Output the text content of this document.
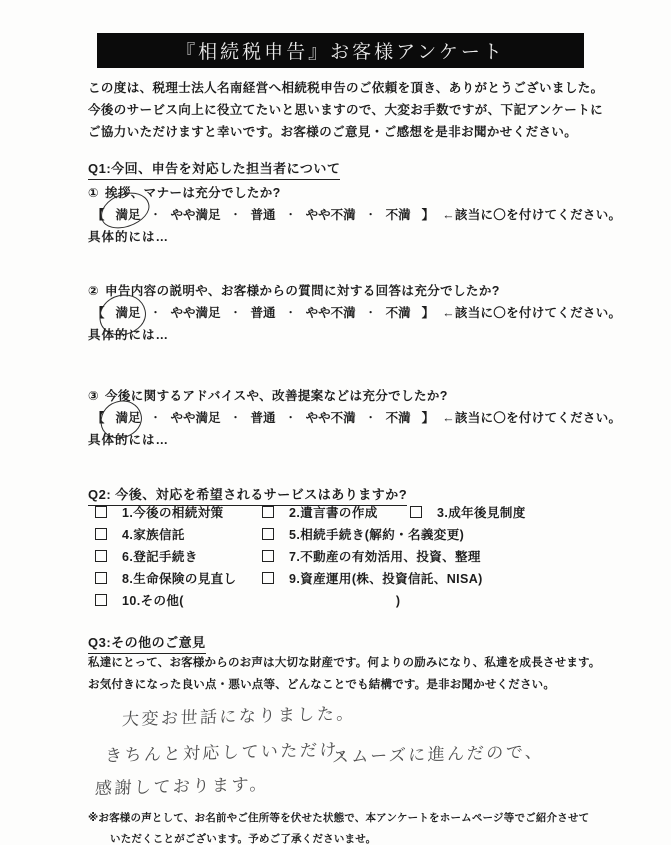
『相続税申告』お客様アンケート
この度は、税理士法人名南経営へ相続税申告のご依頼を頂き、ありがとうございました。
今後のサービス向上に役立てたいと思いますので、大変お手数ですが、下記アンケートに
ご協力いただけますと幸いです。お客様のご意見・ご感想を是非お聞かせください。
Q1:今回、申告を対応した担当者について
① 挨拶、マナーは充分でしたか?
【 満足 ・ やや満足 ・ 普通 ・ やや不満 ・ 不満 】 ←該当に〇を付けてください。
具体的には…
② 申告内容の説明や、お客様からの質問に対する回答は充分でしたか?
【 満足 ・ やや満足 ・ 普通 ・ やや不満 ・ 不満 】 ←該当に〇を付けてください。
具体的には…
③ 今後に関するアドバイスや、改善提案などは充分でしたか?
【 満足 ・ やや満足 ・ 普通 ・ やや不満 ・ 不満 】 ←該当に〇を付けてください。
具体的には…
Q2: 今後、対応を希望されるサービスはありますか?
1.今後の相続対策	2.遺言書の作成	3.成年後見制度
4.家族信託	5.相続手続き(解約・名義変更)
6.登記手続き	7.不動産の有効活用、投資、整理
8.生命保険の見直し	9.資産運用(株、投資信託、NISA)
10.その他(	)
Q3:その他のご意見
私達にとって、お客様からのお声は大切な財産です。何よりの励みになり、私達を成長させます。
お気付きになった良い点・悪い点等、どんなことでも結構です。是非お聞かせください。
大変お世話になりました。
きちんと対応していただけ、
スムーズに進んだので、
感謝しております。
※お客様の声として、お名前やご住所等を伏せた状態で、本アンケートをホームページ等でご紹介させて
いただくことがございます。予めご了承くださいませ。
